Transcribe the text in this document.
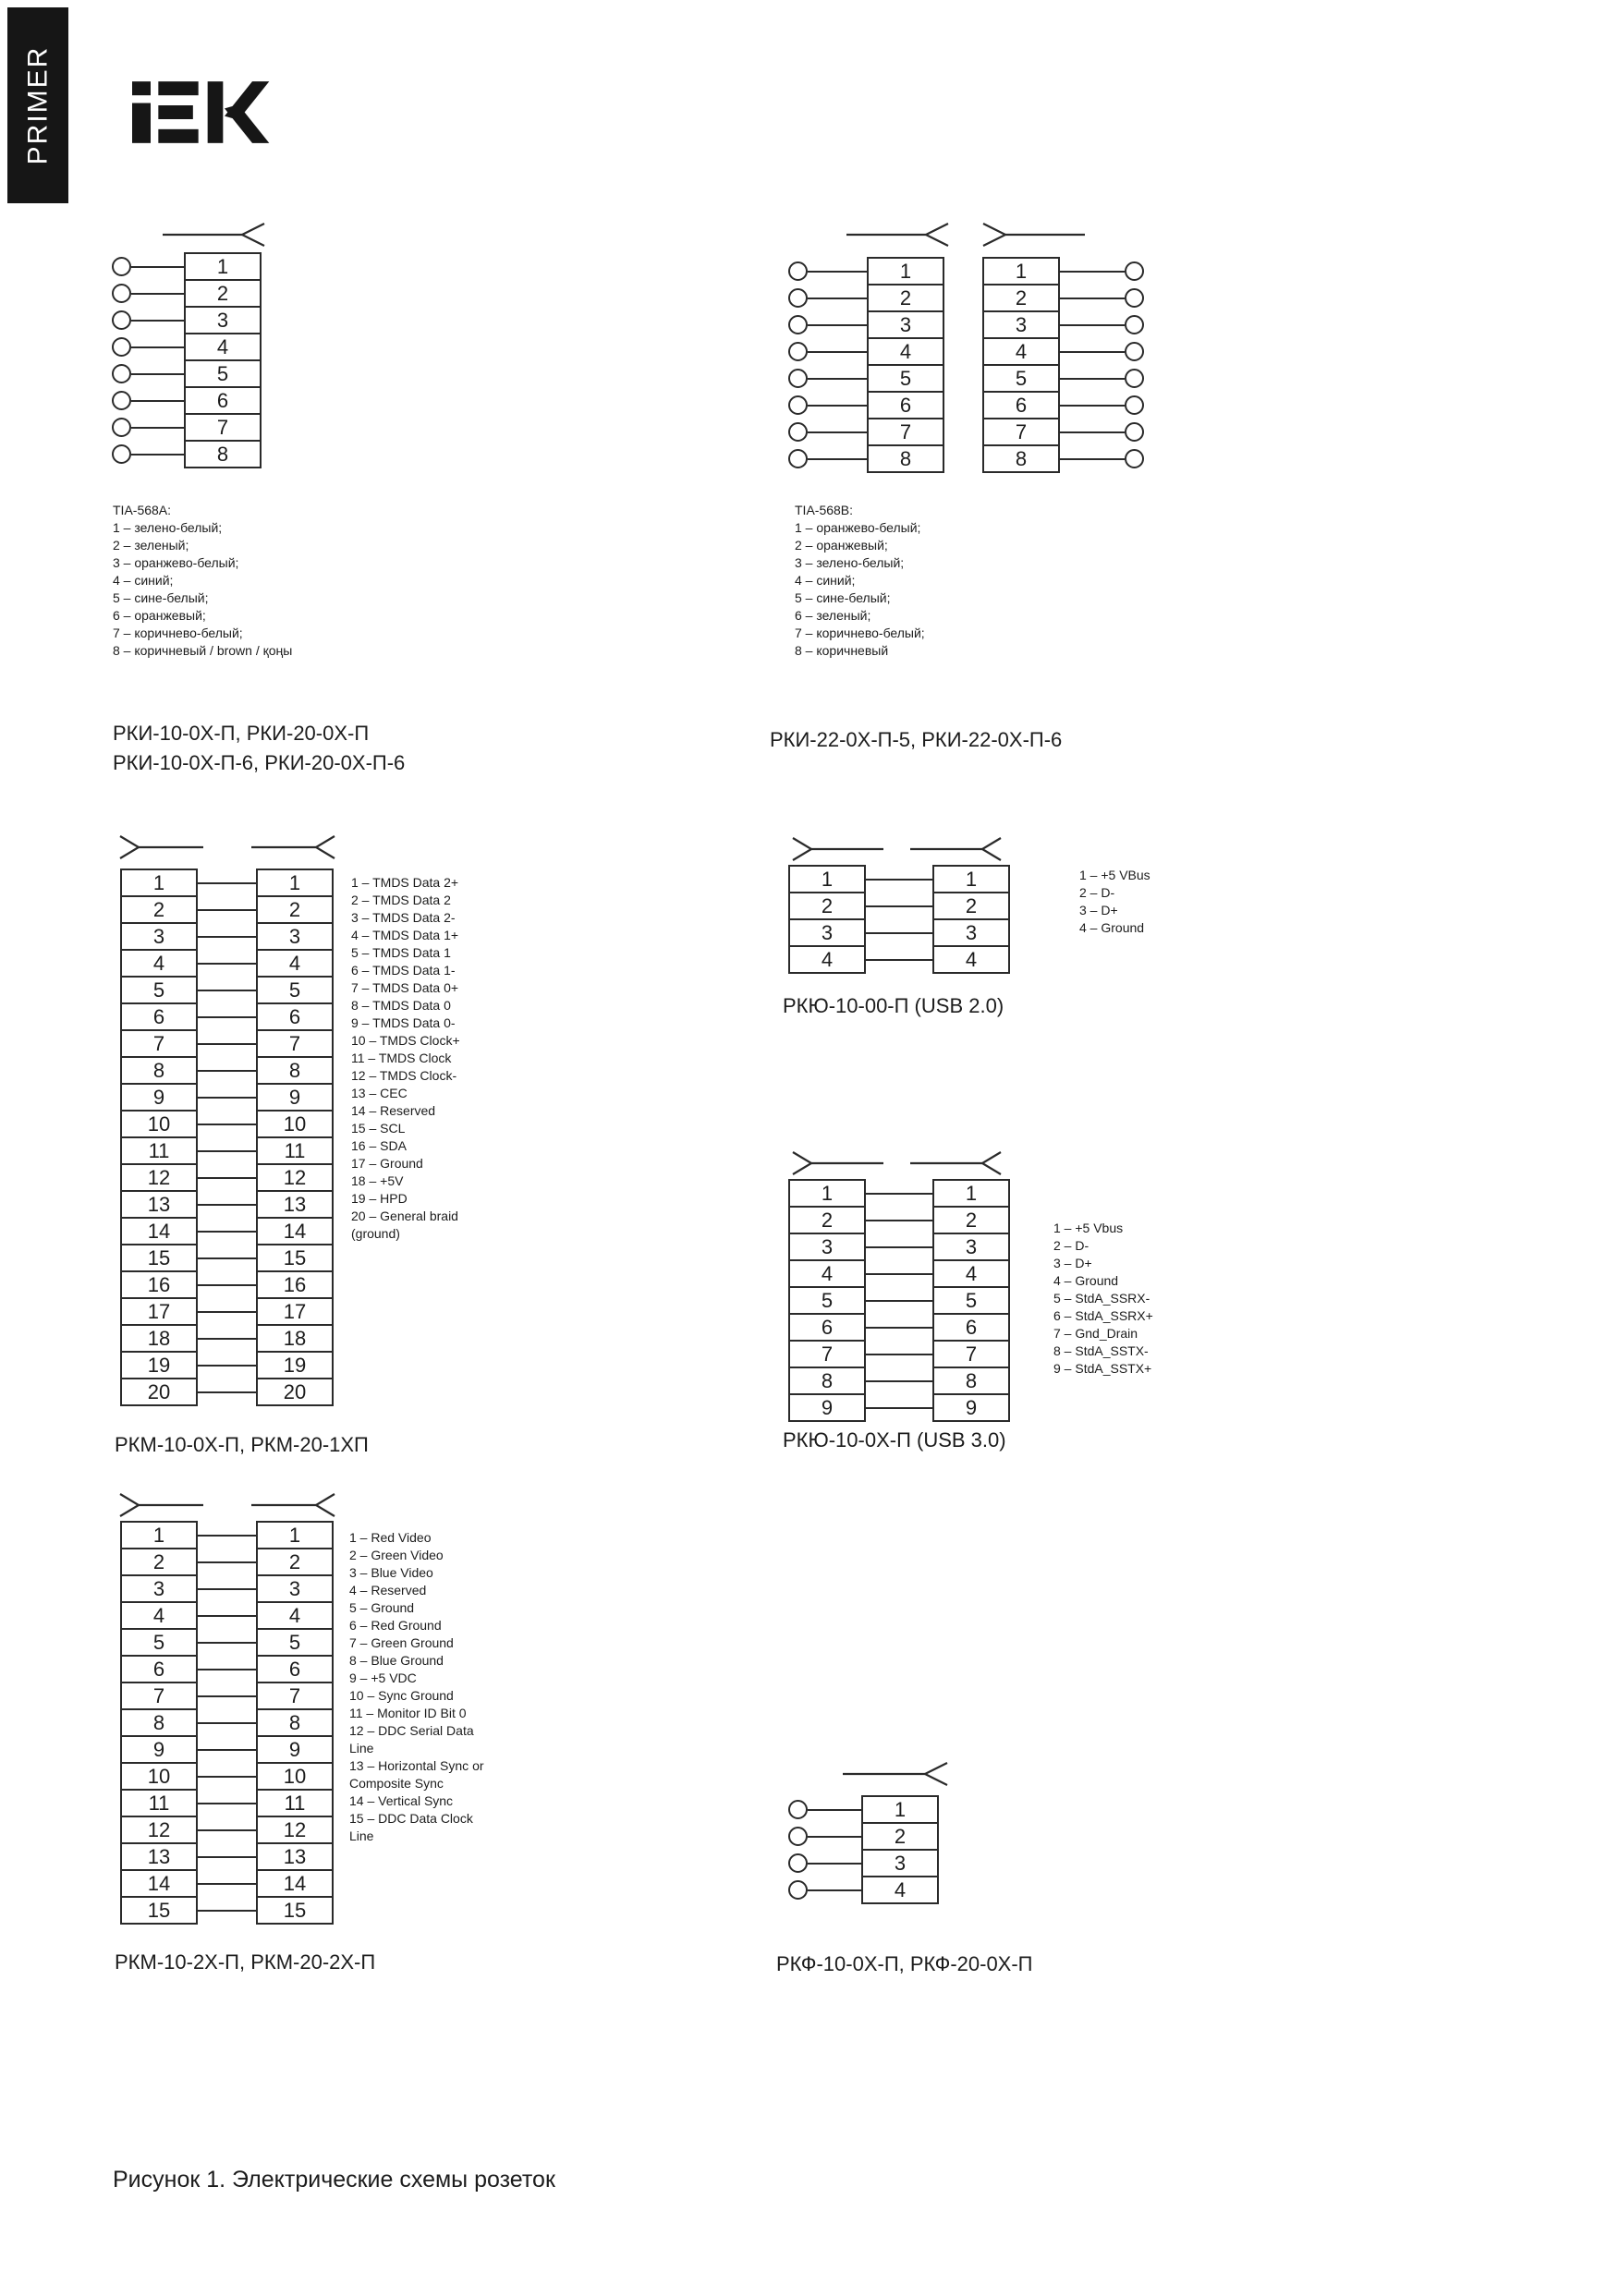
PRIMER
1
2
3
4
5
6
7
8
TIA-568A:
1 – зелено-белый;
2 – зеленый;
3 – оранжево-белый;
4 – синий;
5 – сине-белый;
6 – оранжевый;
7 – коричнево-белый;
8 – коричневый / brown / қоңы
РКИ-10-0Х-П, РКИ-20-0Х-П
РКИ-10-0Х-П-6, РКИ-20-0Х-П-6
1
2
3
4
5
6
7
8
1
2
3
4
5
6
7
8
TIA-568B:
1 – оранжево-белый;
2 – оранжевый;
3 – зелено-белый;
4 – синий;
5 – сине-белый;
6 – зеленый;
7 – коричнево-белый;
8 – коричневый
РКИ-22-0Х-П-5, РКИ-22-0Х-П-6
1	1
2	2
3	3
4	4
5	5
6	6
7	7
8	8
9	9
10	10
11	11
12	12
13	13
14	14
15	15
16	16
17	17
18	18
19	19
20	20
1 – TMDS Data 2+
2 – TMDS Data 2
3 – TMDS Data 2-
4 – TMDS Data 1+
5 – TMDS Data 1
6 – TMDS Data 1-
7 – TMDS Data 0+
8 – TMDS Data 0
9 – TMDS Data 0-
10 – TMDS Clock+
11 – TMDS Clock
12 – TMDS Clock-
13 – CEC
14 – Reserved
15 – SCL
16 – SDA
17 – Ground
18 – +5V
19 – HPD
20 – General braid
(ground)
РКМ-10-0Х-П, РКМ-20-1ХП
1	1
2	2
3	3
4	4
1 – +5 VBus
2 – D-
3 – D+
4 – Ground
РКЮ-10-00-П (USB 2.0)
1	1
2	2
3	3
4	4
5	5
6	6
7	7
8	8
9	9
1 – +5 Vbus
2 – D-
3 – D+
4 – Ground
5 – StdA_SSRX-
6 – StdA_SSRX+
7 – Gnd_Drain
8 – StdA_SSTX-
9 – StdA_SSTX+
РКЮ-10-0Х-П (USB 3.0)
1	1
2	2
3	3
4	4
5	5
6	6
7	7
8	8
9	9
10	10
11	11
12	12
13	13
14	14
15	15
1 – Red Video
2 – Green Video
3 – Blue Video
4 – Reserved
5 – Ground
6 – Red Ground
7 – Green Ground
8 – Blue Ground
9 – +5 VDC
10 – Sync Ground
11 – Monitor ID Bit 0
12 – DDC Serial Data
Line
13 – Horizontal Sync or
Composite Sync
14 – Vertical Sync
15 – DDC Data Clock
Line
РКМ-10-2Х-П, РКМ-20-2Х-П
1
2
3
4
РКФ-10-0Х-П, РКФ-20-0Х-П
Рисунок 1. Электрические схемы розеток
